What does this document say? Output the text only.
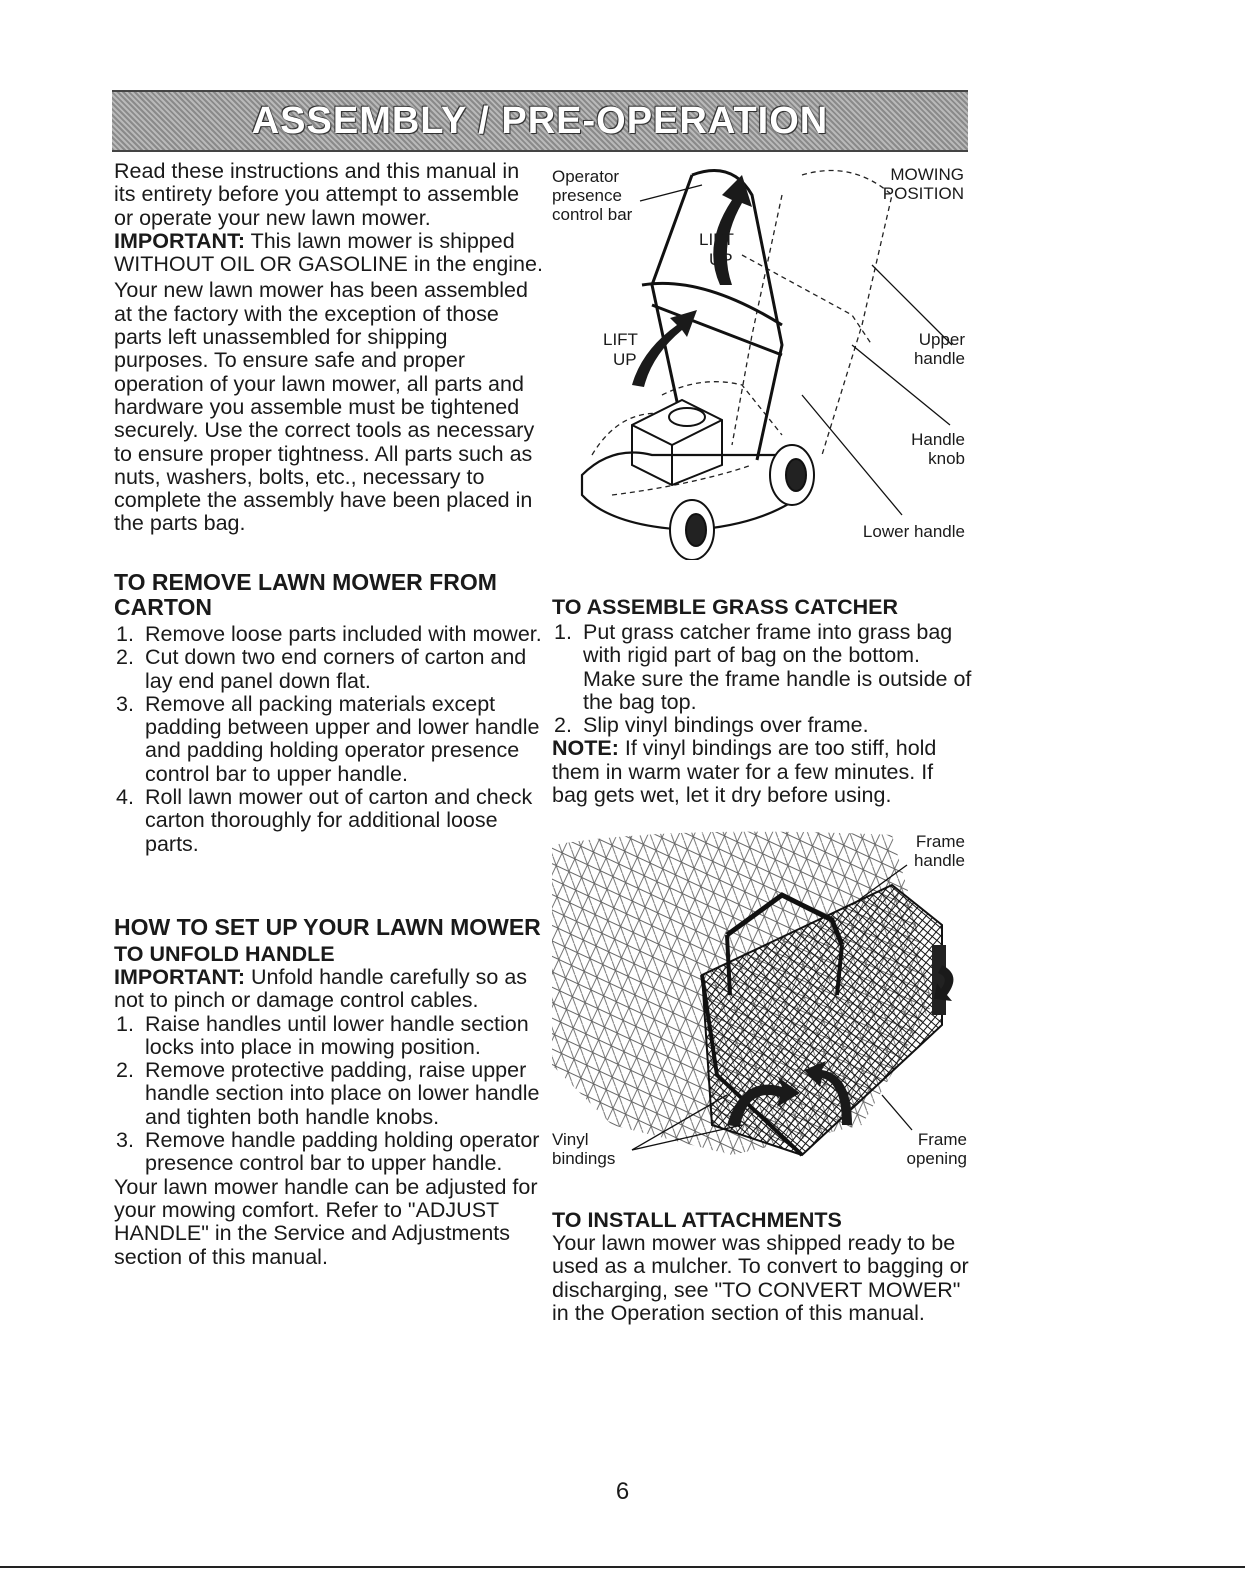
ASSEMBLY / PRE-OPERATION

Read these instructions and this manual in its entirety before you attempt to assemble or operate your new lawn mower.

IMPORTANT: This lawn mower is shipped WITHOUT OIL OR GASOLINE in the engine.

Your new lawn mower has been assembled at the factory with the exception of those parts left unassembled for shipping purposes. To ensure safe and proper operation of your lawn mower, all parts and hardware you assemble must be tightened securely. Use the correct tools as necessary to ensure proper tightness. All parts such as nuts, washers, bolts, etc., necessary to complete the assembly have been placed in the parts bag.

TO REMOVE LAWN MOWER FROM CARTON
1. Remove loose parts included with mower.
2. Cut down two end corners of carton and lay end panel down flat.
3. Remove all packing materials except padding between upper and lower handle and padding holding operator presence control bar to upper handle.
4. Roll lawn mower out of carton and check carton thoroughly for additional loose parts.
HOW TO SET UP YOUR LAWN MOWER
TO UNFOLD HANDLE

IMPORTANT: Unfold handle carefully so as not to pinch or damage control cables.

1. Raise handles until lower handle section locks into place in mowing position.
2. Remove protective padding, raise upper handle section into place on lower handle and tighten both handle knobs.
3. Remove handle padding holding operator presence control bar to upper handle.

Your lawn mower handle can be adjusted for your mowing comfort. Refer to "ADJUST HANDLE" in the Service and Adjustments section of this manual.

Operator
presence
control bar
MOWING
POSITION
LIFT
UP
LIFT
UP
Upper
handle
Handle
knob
Lower handle
TO ASSEMBLE GRASS CATCHER
1. Put grass catcher frame into grass bag with rigid part of bag on the bottom. Make sure the frame handle is outside of the bag top.
2. Slip vinyl bindings over frame.

NOTE: If vinyl bindings are too stiff, hold them in warm water for a few minutes. If bag gets wet, let it dry before using.

Frame
handle
Vinyl
bindings
Frame
opening
TO INSTALL ATTACHMENTS

Your lawn mower was shipped ready to be used as a mulcher. To convert to bagging or discharging, see "TO CONVERT MOWER" in the Operation section of this manual.

6
